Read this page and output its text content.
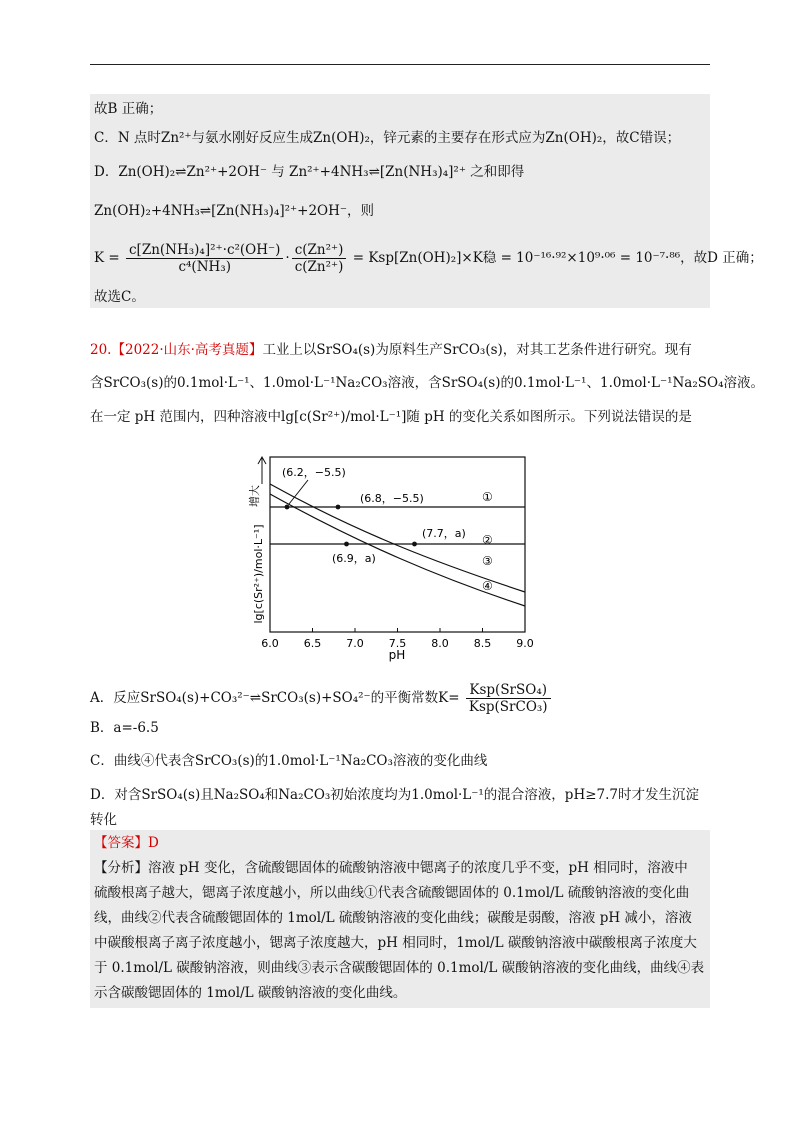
故B 正确；
C．N 点时Zn²⁺与氨水刚好反应生成Zn(OH)₂，锌元素的主要存在形式应为Zn(OH)₂，故C错误；
D．Zn(OH)₂⇌Zn²⁺+2OH⁻ 与 Zn²⁺+4NH₃⇌[Zn(NH₃)₄]²⁺ 之和即得
Zn(OH)₂+4NH₃⇌[Zn(NH₃)₄]²⁺+2OH⁻，则
$K = \frac{\text{c[Zn(NH₃)₄]²⁺·c²(OH⁻)}}{\text{c⁴(NH₃)}} \cdot \frac{\text{c(Zn²⁺)}}{\text{c(Zn²⁺)}} = Ksp[Zn(OH)_2]\times K$稳 = 10⁻¹⁶·⁹²×10⁹·⁰⁶ = 10⁻⁷·⁸⁶，故D 正确；
故选C。
20.【2022·山东·高考真题】工业上以SrSO₄(s)为原料生产SrCO₃(s)，对其工艺条件进行研究。现有
含SrCO₃(s)的0.1mol·L⁻¹、1.0mol·L⁻¹Na₂CO₃溶液，含SrSO₄(s)的0.1mol·L⁻¹、1.0mol·L⁻¹Na₂SO₄溶液。
在一定 pH 范围内，四种溶液中lg[c(Sr²⁺)/mol·L⁻¹]随 pH 的变化关系如图所示。下列说法错误的是
6.0 6.5 7.0 7.5 8.0 8.5 9.0
①
②
③
④
(6.2，−5.5)
(6.8，−5.5)
(7.7，a)
(6.9，a)
pH
lg[c(Sr²⁺)/mol·L⁻¹]
增大
A．反应SrSO₄(s)+CO₃²⁻⇌SrCO₃(s)+SO₄²⁻的平衡常数$K= \frac{\text{Ksp(SrSO₄)}}{\text{Ksp(SrCO₃)}}$
B．a=-6.5
C．曲线④代表含SrCO₃(s)的1.0mol·L⁻¹Na₂CO₃溶液的变化曲线
D．对含SrSO₄(s)且Na₂SO₄和Na₂CO₃初始浓度均为1.0mol·L⁻¹的混合溶液，pH≥7.7时才发生沉淀
转化
【答案】D
【分析】溶液 pH 变化，含硫酸锶固体的硫酸钠溶液中锶离子的浓度几乎不变，pH 相同时，溶液中
硫酸根离子越大，锶离子浓度越小，所以曲线①代表含硫酸锶固体的 0.1mol/L 硫酸钠溶液的变化曲
线，曲线②代表含硫酸锶固体的 1mol/L 硫酸钠溶液的变化曲线；碳酸是弱酸，溶液 pH 减小，溶液
中碳酸根离子离子浓度越小，锶离子浓度越大，pH 相同时，1mol/L 碳酸钠溶液中碳酸根离子浓度大
于 0.1mol/L 碳酸钠溶液，则曲线③表示含碳酸锶固体的 0.1mol/L 碳酸钠溶液的变化曲线，曲线④表
示含碳酸锶固体的 1mol/L 碳酸钠溶液的变化曲线。
